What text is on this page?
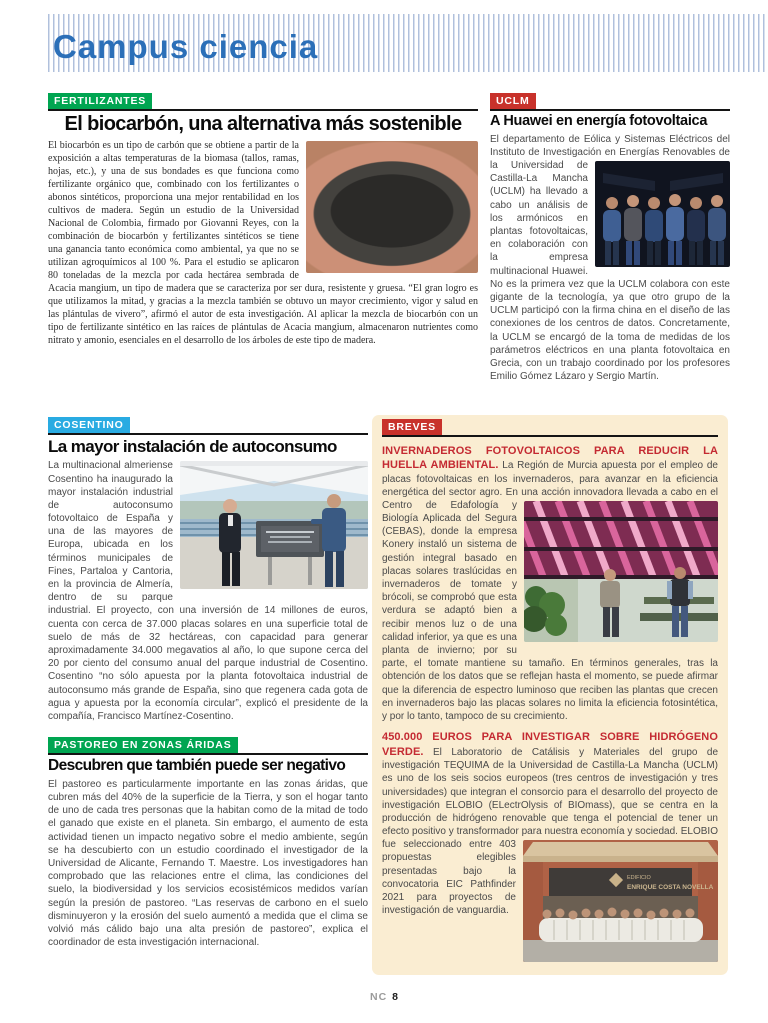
Campus ciencia
FERTILIZANTES
El biocarbón, una alternativa más sostenible

El biocarbón es un tipo de carbón que se obtiene a partir de la exposición a altas temperaturas de la biomasa (tallos, ramas, hojas, etc.), y una de sus bondades es que funciona como fertilizante orgánico que, combinado con los fertilizantes o abonos sintéticos, proporciona una mejor rentabilidad en los cultivos de madera. Según un estudio de la Universidad Nacional de Colombia, firmado por Giovanni Reyes, con la combinación de biocarbón y fertilizantes sintéticos se tiene una ganancia tanto económica como ambiental, ya que no se utilizan agroquímicos al 100 %. Para el estudio se aplicaron 80 toneladas de la mezcla por cada hectárea sembrada de Acacia mangium, un tipo de madera que se caracteriza por ser dura, resistente y gruesa. “El gran logro es que utilizamos la mitad, y gracias a la mezcla también se obtuvo un mayor crecimiento, vigor y salud en las plántulas de vivero”, afirmó el autor de esta investigación. Al aplicar la mezcla de biocarbón con un tipo de fertilizante sintético en las raíces de plántulas de Acacia mangium, almacenaron nutrientes como nitrato y amonio, esenciales en el desarrollo de los árboles de este tipo de madera.

UCLM
A Huawei en energía fotovoltaica

El departamento de Eólica y Sistemas Eléctricos del Instituto de Investigación en Energías Renovables de la Universidad de Castilla-La Mancha (UCLM) ha llevado a cabo un análisis de los armónicos en plantas fotovoltaicas, en colaboración con la empresa multinacional Huawei. No es la primera vez que la UCLM colabora con este gigante de la tecnología, ya que otro grupo de la UCLM participó con la firma china en el diseño de las conexiones de los centros de datos. Concretamente, la UCLM se encargó de la toma de medidas de los parámetros eléctricos en una planta fotovoltaica en Grecia, con un trabajo coordinado por los profesores Emilio Gómez Lázaro y Sergio Martín.

COSENTINO
La mayor instalación de autoconsumo

La multinacional almeriense Cosentino ha inaugurado la mayor instalación industrial de autoconsumo fotovoltaico de España y una de las mayores de Europa, ubicada en los términos municipales de Fines, Partaloa y Cantoria, en la provincia de Almería, dentro de su parque industrial. El proyecto, con una inversión de 14 millones de euros, cuenta con cerca de 37.000 placas solares en una superficie total de suelo de más de 32 hectáreas, con capacidad para generar aproximadamente 34.000 megavatios al año, lo que supone cerca del 20 por ciento del consumo anual del parque industrial de Cosentino. Cosentino “no sólo apuesta por la planta fotovoltaica industrial de autoconsumo más grande de España, sino que regenera cada gota de agua y apuesta por la economía circular”, explicó el presidente de la compañía, Francisco Martínez-Cosentino.

PASTOREO EN ZONAS ÁRIDAS
Descubren que también puede ser negativo

El pastoreo es particularmente importante en las zonas áridas, que cubren más del 40% de la superficie de la Tierra, y son el hogar tanto de uno de cada tres personas que la habitan como de la mitad de todo el ganado que existe en el planeta. Sin embargo, el aumento de esta actividad tienen un impacto negativo sobre el medio ambiente, según se ha descubierto con un estudio coordinado el investigador de la Universidad de Alicante, Fernando T. Maestre. Los investigadores han comprobado que las relaciones entre el clima, las condiciones del suelo, la biodiversidad y los servicios ecosistémicos medidos varían según la presión de pastoreo. “Las reservas de carbono en el suelo disminuyeron y la erosión del suelo aumentó a medida que el clima se volvió más cálido bajo una alta presión de pastoreo”, explica el coordinador de esta investigación internacional.

BREVES

INVERNADEROS FOTOVOLTAICOS PARA REDUCIR LA HUELLA AMBIENTAL. La Región de Murcia apuesta por el empleo de placas fotovoltaicas en los invernaderos, para avanzar en la eficiencia energética del sector agro. En una acción innovadora llevada a cabo en el Centro de Edafología y Biología Aplicada del Segura (CEBAS), donde la empresa Konery instaló un sistema de gestión integral basado en placas solares traslúcidas en invernaderos de tomate y brócoli, se comprobó que esta verdura se adaptó bien a recibir menos luz o de una calidad inferior, ya que es una planta de invierno; por su parte, el tomate mantiene su tamaño. En términos generales, tras la obtención de los datos que se reflejan hasta el momento, se puede afirmar que la diferencia de espectro luminoso que reciben las plantas que crecen en invernaderos bajo las placas solares no limita la eficiencia fotosintética, y por lo tanto, tampoco de su crecimiento.

450.000 EUROS PARA INVESTIGAR SOBRE HIDRÓGENO VERDE. El Laboratorio de Catálisis y Materiales del grupo de investigación TEQUIMA de la Universidad de Castilla-La Mancha (UCLM) es uno de los seis socios europeos (tres centros de investigación y tres universidades) que integran el consorcio para el desarrollo del proyecto de investigación ELOBIO (ELectrOlysis of BIOmass), que se centra en la producción de hidrógeno renovable que tenga el potencial de tener un efecto positivo y transformador para
EDIFICIO
ENRIQUE COSTA NOVELLA
nuestra economía y sociedad. ELOBIO fue seleccionado entre 403 propuestas elegibles presentadas bajo la convocatoria EIC Pathfinder 2021 para proyectos de investigación de vanguardia.

NC 8
